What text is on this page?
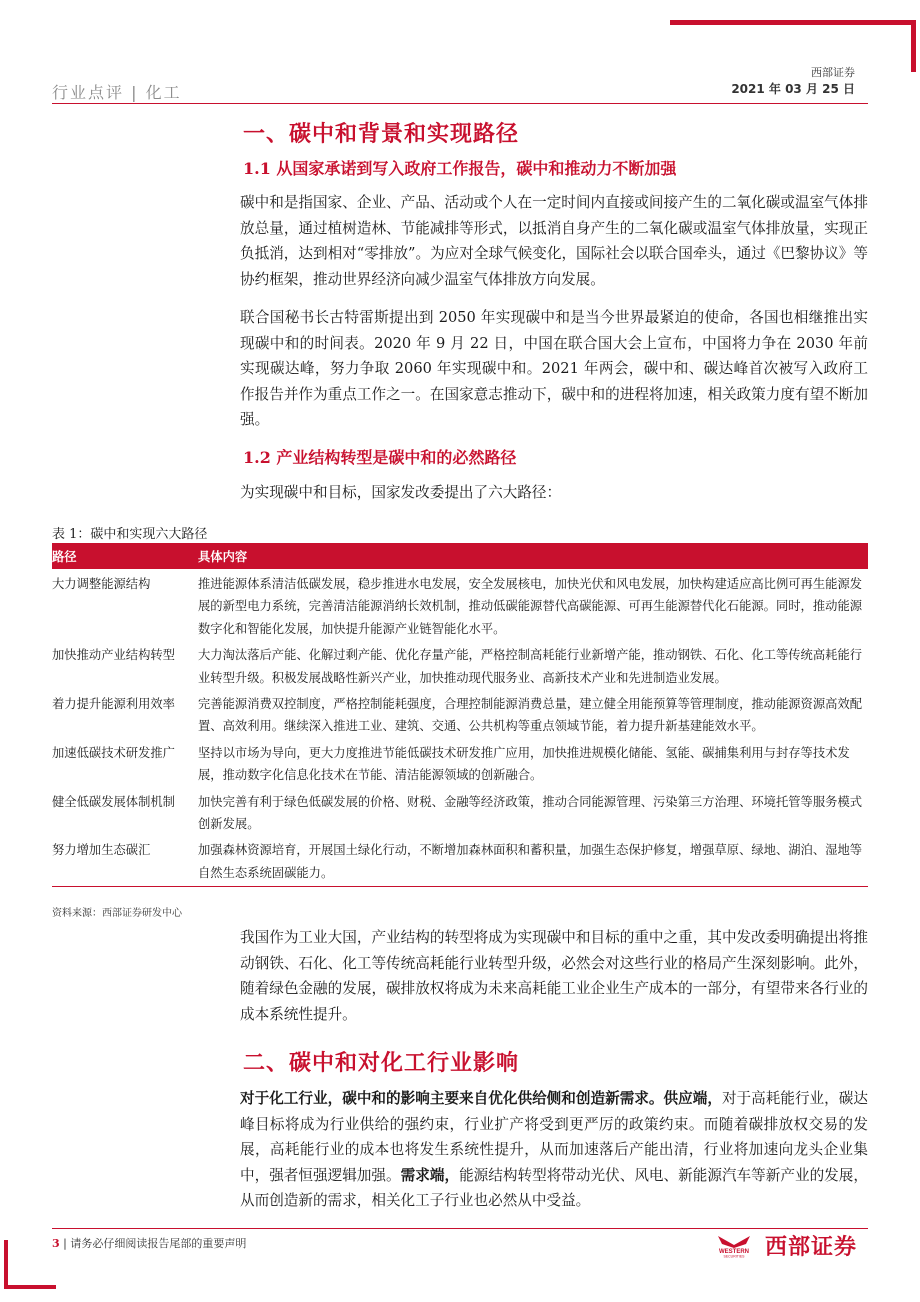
行业点评 | 化工
西部证券
2021 年 03 月 25 日
一、碳中和背景和实现路径
1.1 从国家承诺到写入政府工作报告，碳中和推动力不断加强

碳中和是指国家、企业、产品、活动或个人在一定时间内直接或间接产生的二氧化碳或温室气体排放总量，通过植树造林、节能减排等形式，以抵消自身产生的二氧化碳或温室气体排放量，实现正负抵消，达到相对“零排放”。为应对全球气候变化，国际社会以联合国牵头，通过《巴黎协议》等协约框架，推动世界经济向减少温室气体排放方向发展。

联合国秘书长古特雷斯提出到 2050 年实现碳中和是当今世界最紧迫的使命，各国也相继推出实现碳中和的时间表。2020 年 9 月 22 日，中国在联合国大会上宣布，中国将力争在 2030 年前实现碳达峰，努力争取 2060 年实现碳中和。2021 年两会，碳中和、碳达峰首次被写入政府工作报告并作为重点工作之一。在国家意志推动下，碳中和的进程将加速，相关政策力度有望不断加强。

1.2 产业结构转型是碳中和的必然路径

为实现碳中和目标，国家发改委提出了六大路径：

表 1：碳中和实现六大路径
路径	具体内容
大力调整能源结构	推进能源体系清洁低碳发展，稳步推进水电发展，安全发展核电，加快光伏和风电发展，加快构建适应高比例可再生能源发展的新型电力系统，完善清洁能源消纳长效机制，推动低碳能源替代高碳能源、可再生能源替代化石能源。同时，推动能源数字化和智能化发展，加快提升能源产业链智能化水平。
加快推动产业结构转型	大力淘汰落后产能、化解过剩产能、优化存量产能，严格控制高耗能行业新增产能，推动钢铁、石化、化工等传统高耗能行业转型升级。积极发展战略性新兴产业，加快推动现代服务业、高新技术产业和先进制造业发展。
着力提升能源利用效率	完善能源消费双控制度，严格控制能耗强度，合理控制能源消费总量，建立健全用能预算等管理制度，推动能源资源高效配置、高效利用。继续深入推进工业、建筑、交通、公共机构等重点领域节能，着力提升新基建能效水平。
加速低碳技术研发推广	坚持以市场为导向，更大力度推进节能低碳技术研发推广应用，加快推进规模化储能、氢能、碳捕集利用与封存等技术发展，推动数字化信息化技术在节能、清洁能源领域的创新融合。
健全低碳发展体制机制	加快完善有利于绿色低碳发展的价格、财税、金融等经济政策，推动合同能源管理、污染第三方治理、环境托管等服务模式创新发展。
努力增加生态碳汇	加强森林资源培育，开展国土绿化行动，不断增加森林面积和蓄积量，加强生态保护修复，增强草原、绿地、湖泊、湿地等自然生态系统固碳能力。
资料来源：西部证券研发中心

我国作为工业大国，产业结构的转型将成为实现碳中和目标的重中之重，其中发改委明确提出将推动钢铁、石化、化工等传统高耗能行业转型升级，必然会对这些行业的格局产生深刻影响。此外，随着绿色金融的发展，碳排放权将成为未来高耗能工业企业生产成本的一部分，有望带来各行业的成本系统性提升。

二、碳中和对化工行业影响

对于化工行业，碳中和的影响主要来自优化供给侧和创造新需求。供应端，对于高耗能行业，碳达峰目标将成为行业供给的强约束，行业扩产将受到更严厉的政策约束。而随着碳排放权交易的发展，高耗能行业的成本也将发生系统性提升，从而加速落后产能出清，行业将加速向龙头企业集中，强者恒强逻辑加强。需求端，能源结构转型将带动光伏、风电、新能源汽车等新产业的发展，从而创造新的需求，相关化工子行业也必然从中受益。

3 | 请务必仔细阅读报告尾部的重要声明
WESTERN
SECURITIES 西部证券
